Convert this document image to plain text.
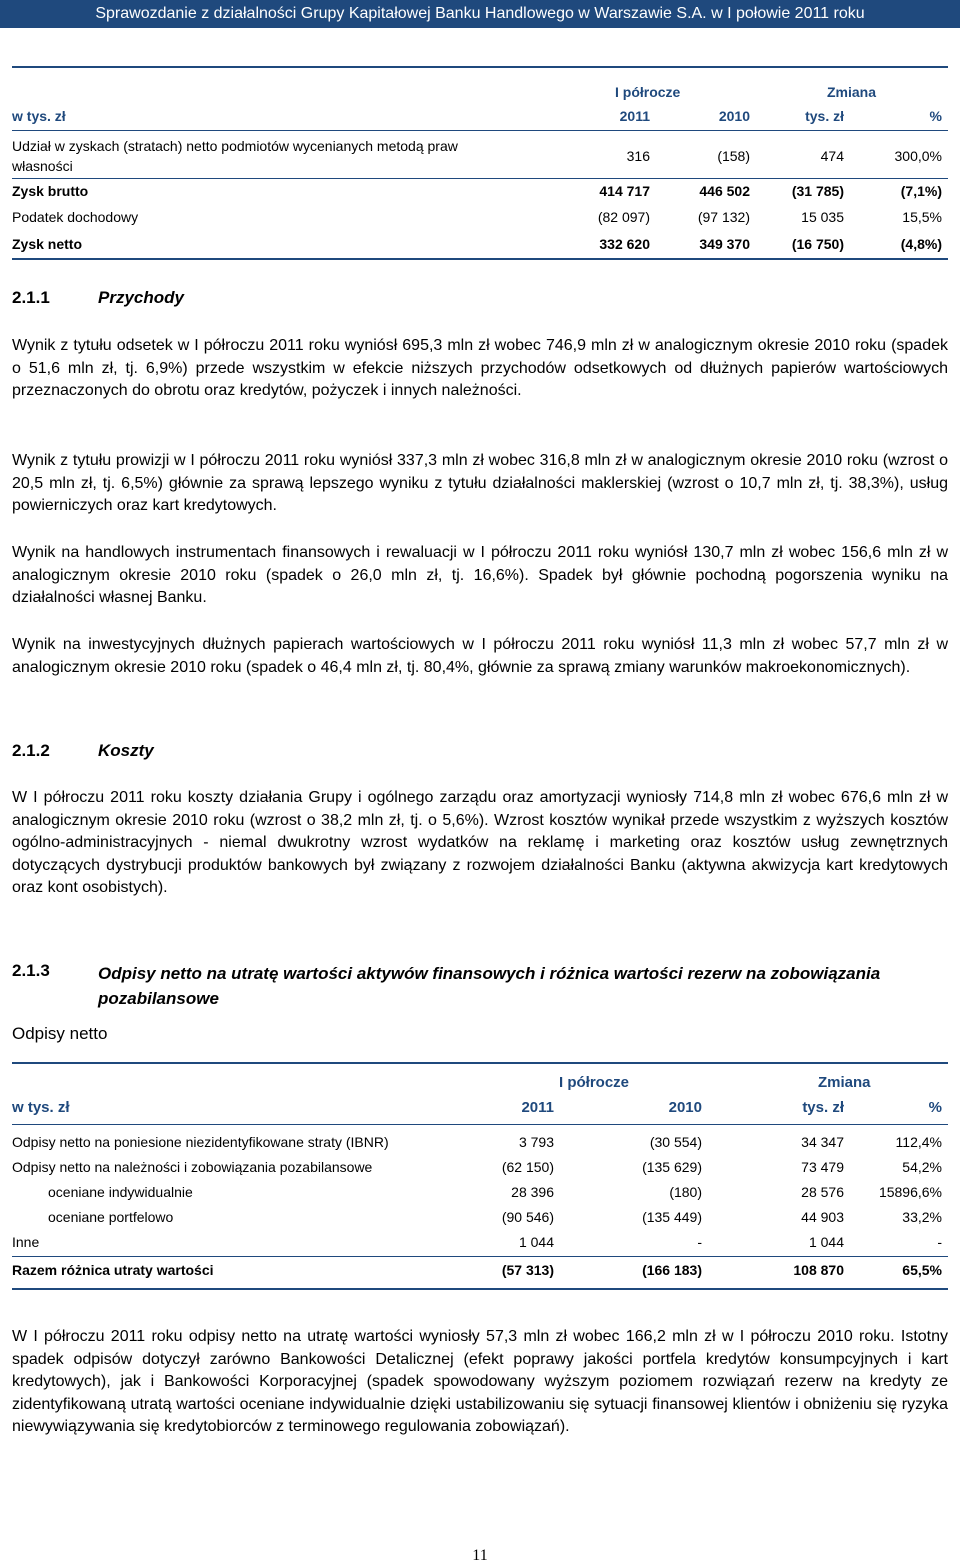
Sprawozdanie z działalności Grupy Kapitałowej Banku Handlowego w Warszawie S.A. w I połowie 2011 roku
I półrocze	Zmiana
w tys. zł	2011	2010	tys. zł	%
Udział w zyskach (stratach) netto podmiotów wycenianych metodą praw własności
316	(158)	474	300,0%
Zysk brutto	414 717	446 502	(31 785)	(7,1%)
Podatek dochodowy	(82 097)	(97 132)	15 035	15,5%
Zysk netto	332 620	349 370	(16 750)	(4,8%)
2.1.1	Przychody
Wynik z tytułu odsetek w I półroczu 2011 roku wyniósł 695,3 mln zł wobec 746,9 mln zł w analogicznym okresie 2010 roku (spadek o 51,6 mln zł, tj. 6,9%) przede wszystkim w efekcie niższych przychodów odsetkowych od dłużnych papierów wartościowych przeznaczonych do obrotu oraz kredytów, pożyczek i innych należności.
Wynik z tytułu prowizji w I półroczu 2011 roku wyniósł 337,3 mln zł wobec 316,8 mln zł w analogicznym okresie 2010 roku (wzrost o 20,5 mln zł, tj. 6,5%) głównie za sprawą lepszego wyniku z tytułu działalności maklerskiej (wzrost o 10,7 mln zł, tj. 38,3%), usług powierniczych oraz kart kredytowych.
Wynik na handlowych instrumentach finansowych i rewaluacji w I półroczu 2011 roku wyniósł 130,7 mln zł wobec 156,6 mln zł w analogicznym okresie 2010 roku (spadek o 26,0 mln zł, tj. 16,6%). Spadek był głównie pochodną pogorszenia wyniku na działalności własnej Banku.
Wynik na inwestycyjnych dłużnych papierach wartościowych w I półroczu 2011 roku wyniósł 11,3 mln zł wobec 57,7 mln zł w analogicznym okresie 2010 roku (spadek o 46,4 mln zł, tj. 80,4%, głównie za sprawą zmiany warunków makroekonomicznych).
2.1.2	Koszty
W I półroczu 2011 roku koszty działania Grupy i ogólnego zarządu oraz amortyzacji wyniosły 714,8 mln zł wobec 676,6 mln zł w analogicznym okresie 2010 roku (wzrost o 38,2 mln zł, tj. o 5,6%). Wzrost kosztów wynikał przede wszystkim z wyższych kosztów ogólno-administracyjnych - niemal dwukrotny wzrost wydatków na reklamę i marketing oraz kosztów usług zewnętrznych dotyczących dystrybucji produktów bankowych był związany z rozwojem działalności Banku (aktywna akwizycja kart kredytowych oraz kont osobistych).
2.1.3	Odpisy netto na utratę wartości aktywów finansowych i różnica wartości rezerw na zobowiązania pozabilansowe
Odpisy netto
I półrocze	Zmiana
w tys. zł	2011	2010	tys. zł	%
Odpisy netto na poniesione niezidentyfikowane straty (IBNR)	3 793	(30 554)	34 347	112,4%
Odpisy netto na należności i zobowiązania pozabilansowe	(62 150)	(135 629)	73 479	54,2%
oceniane indywidualnie	28 396	(180)	28 576	15896,6%
oceniane portfelowo	(90 546)	(135 449)	44 903	33,2%
Inne	1 044	-	1 044	-
Razem różnica utraty wartości	(57 313)	(166 183)	108 870	65,5%
W I półroczu 2011 roku odpisy netto na utratę wartości wyniosły 57,3 mln zł wobec 166,2 mln zł w I półroczu 2010 roku. Istotny spadek odpisów dotyczył zarówno Bankowości Detalicznej (efekt poprawy jakości portfela kredytów konsumpcyjnych i kart kredytowych), jak i Bankowości Korporacyjnej (spadek spowodowany wyższym poziomem rozwiązań rezerw na kredyty ze zidentyfikowaną utratą wartości oceniane indywidualnie dzięki ustabilizowaniu się sytuacji finansowej klientów i obniżeniu się ryzyka niewywiązywania się kredytobiorców z terminowego regulowania zobowiązań).
11
